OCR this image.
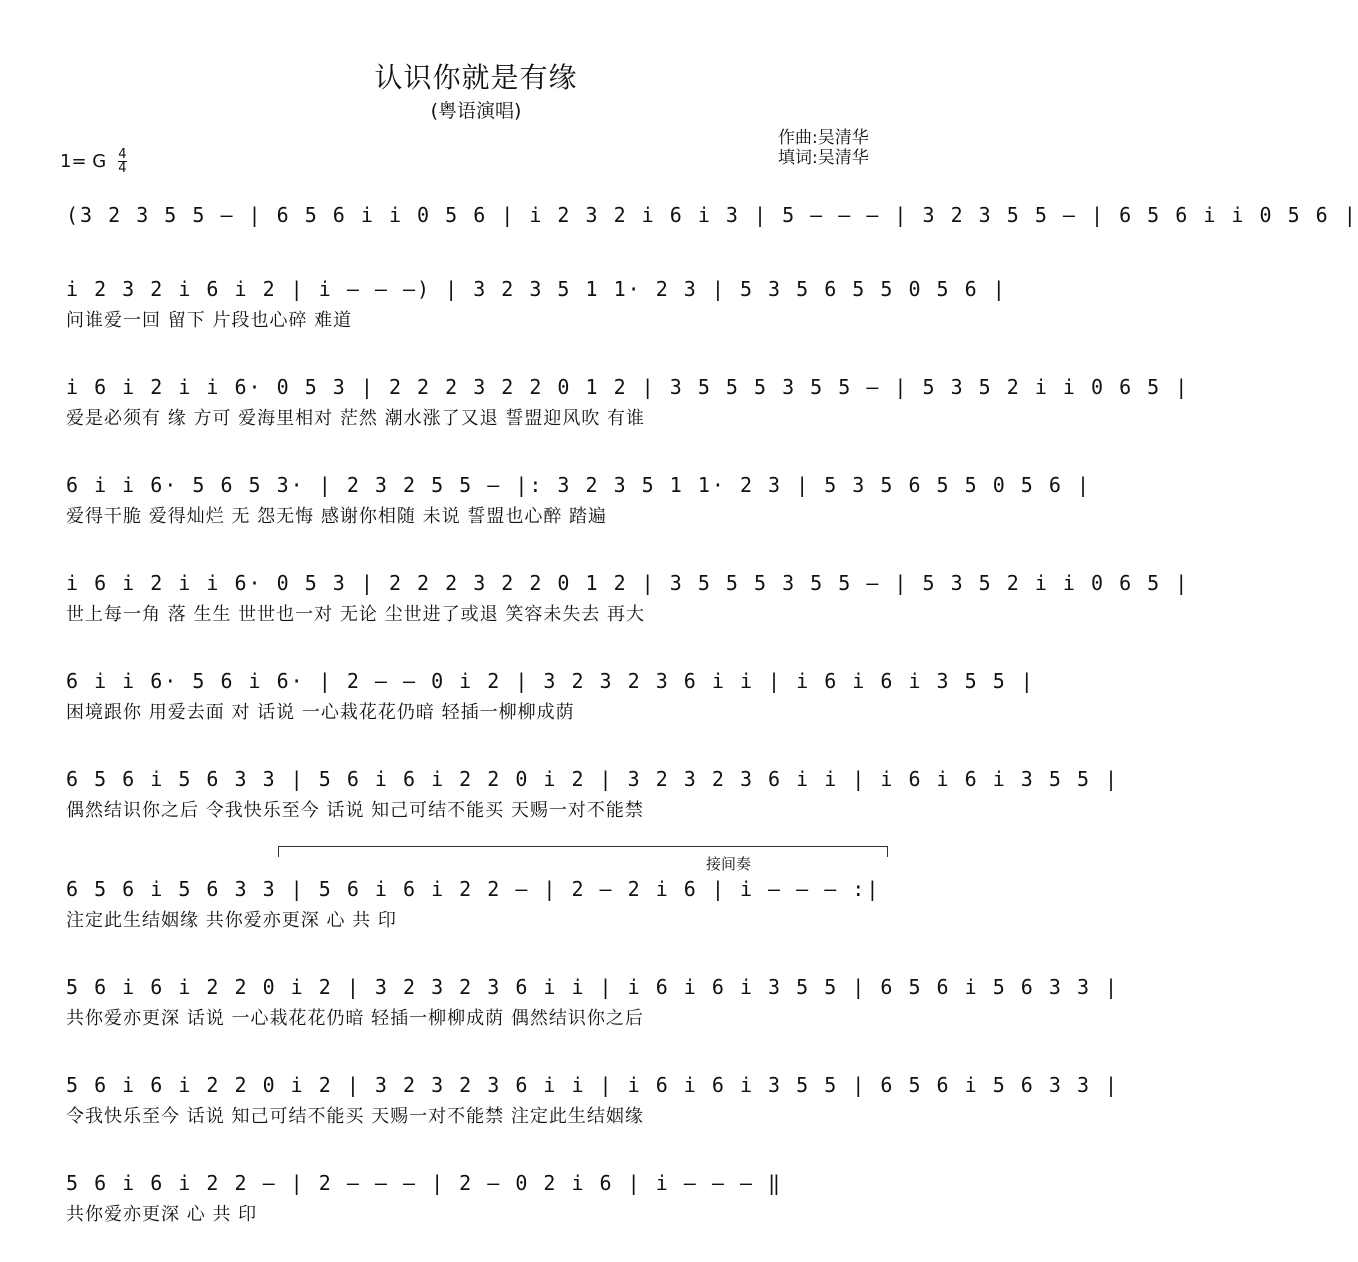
认识你就是有缘
(粤语演唱)
作曲:吴清华
填词:吴清华
1= G $\frac{4}{4}$
接间奏
(3 2 3 5 5 – | 6 5 6 i i 0 5 6 | i 2 3 2 i 6 i 3 | 5 – – – | 3 2 3 5 5 – | 6 5 6 i i 0 5 6 |
i 2 3 2 i 6 i 2 | i – – –) | 3 2 3 5 1 1· 2 3 | 5 3 5 6 5 5 0 5 6 |
问谁爱一回 留下 片段也心碎 难道
i 6 i 2 i i 6· 0 5 3 | 2 2 2 3 2 2 0 1 2 | 3 5 5 5 3 5 5 – | 5 3 5 2 i i 0 6 5 |
爱是必须有 缘 方可 爱海里相对 茫然 潮水涨了又退 誓盟迎风吹 有谁
6 i i 6· 5 6 5 3· | 2 3 2 5 5 – |: 3 2 3 5 1 1· 2 3 | 5 3 5 6 5 5 0 5 6 |
爱得干脆 爱得灿烂 无 怨无悔 感谢你相随 未说 誓盟也心醉 踏遍
i 6 i 2 i i 6· 0 5 3 | 2 2 2 3 2 2 0 1 2 | 3 5 5 5 3 5 5 – | 5 3 5 2 i i 0 6 5 |
世上每一角 落 生生 世世也一对 无论 尘世进了或退 笑容未失去 再大
6 i i 6· 5 6 i 6· | 2 – – 0 i 2 | 3 2 3 2 3 6 i i | i 6 i 6 i 3 5 5 |
困境跟你 用爱去面 对 话说 一心栽花花仍暗 轻插一柳柳成荫
6 5 6 i 5 6 3 3 | 5 6 i 6 i 2 2 0 i 2 | 3 2 3 2 3 6 i i | i 6 i 6 i 3 5 5 |
偶然结识你之后 令我快乐至今 话说 知己可结不能买 天赐一对不能禁
6 5 6 i 5 6 3 3 | 5 6 i 6 i 2 2 – | 2 – 2 i 6 | i – – – :|
注定此生结姻缘 共你爱亦更深 心 共 印
5 6 i 6 i 2 2 0 i 2 | 3 2 3 2 3 6 i i | i 6 i 6 i 3 5 5 | 6 5 6 i 5 6 3 3 |
共你爱亦更深 话说 一心栽花花仍暗 轻插一柳柳成荫 偶然结识你之后
5 6 i 6 i 2 2 0 i 2 | 3 2 3 2 3 6 i i | i 6 i 6 i 3 5 5 | 6 5 6 i 5 6 3 3 |
令我快乐至今 话说 知己可结不能买 天赐一对不能禁 注定此生结姻缘
5 6 i 6 i 2 2 – | 2 – – – | 2 – 0 2 i 6 | i – – – ‖
共你爱亦更深 心 共 印
